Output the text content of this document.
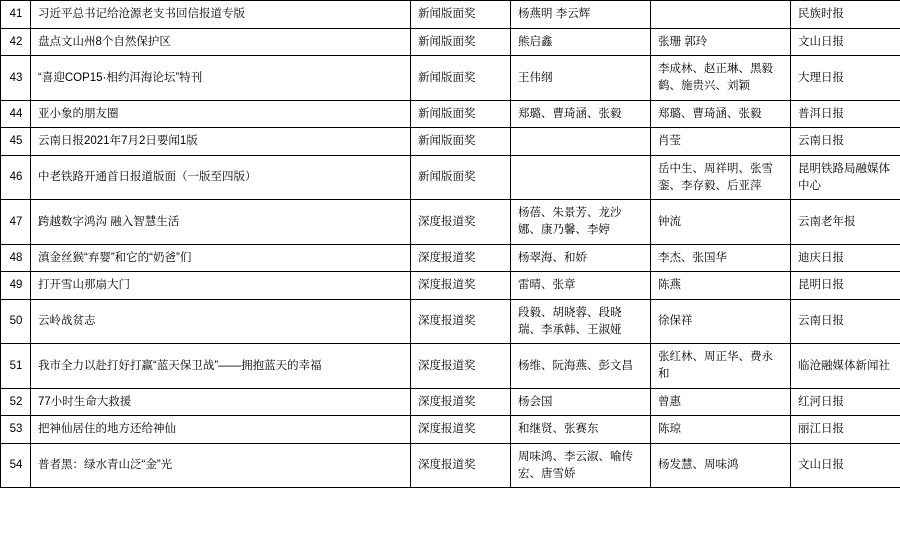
41	习近平总书记给沧源老支书回信报道专版	新闻版面奖	杨燕明 李云辉		民族时报
42	盘点文山州8个自然保护区	新闻版面奖	熊启鑫	张珊 郭玲	文山日报
43	“喜迎COP15·相约洱海论坛”特刊	新闻版面奖	王伟纲	李成林、赵正琳、黑毅鹤、施贵兴、刘颖	大理日报
44	亚小象的朋友圈	新闻版面奖	郑璐、曹琦涵、张毅	郑璐、曹琦涵、张毅	普洱日报
45	云南日报2021年7月2日要闻1版	新闻版面奖		肖莹	云南日报
46	中老铁路开通首日报道版面（一版至四版）	新闻版面奖		岳中生、周祥明、张雪銮、李存毅、后亚萍	昆明铁路局融媒体中心
47	跨越数字鸿沟 融入智慧生活	深度报道奖	杨蓓、朱景芳、龙沙娜、康乃馨、李婷	钟流	云南老年报
48	滇金丝猴“弃婴”和它的“奶爸”们	深度报道奖	杨翠海、和娇	李杰、张国华	迪庆日报
49	打开雪山那扇大门	深度报道奖	雷晴、张章	陈燕	昆明日报
50	云岭战贫志	深度报道奖	段毅、胡晓蓉、段晓瑞、李承韩、王淑娅	徐保祥	云南日报
51	我市全力以赴打好打赢“蓝天保卫战”——拥抱蓝天的幸福	深度报道奖	杨维、阮海燕、彭文昌	张红林、周正华、费永和	临沧融媒体新闻社
52	77小时生命大救援	深度报道奖	杨会国	曾惠	红河日报
53	把神仙居住的地方还给神仙	深度报道奖	和继贤、张赛东	陈琼	丽江日报
54	普者黑：绿水青山泛“金”光	深度报道奖	周味鸿、李云淑、喻传宏、唐雪娇	杨发慧、周味鸿	文山日报
